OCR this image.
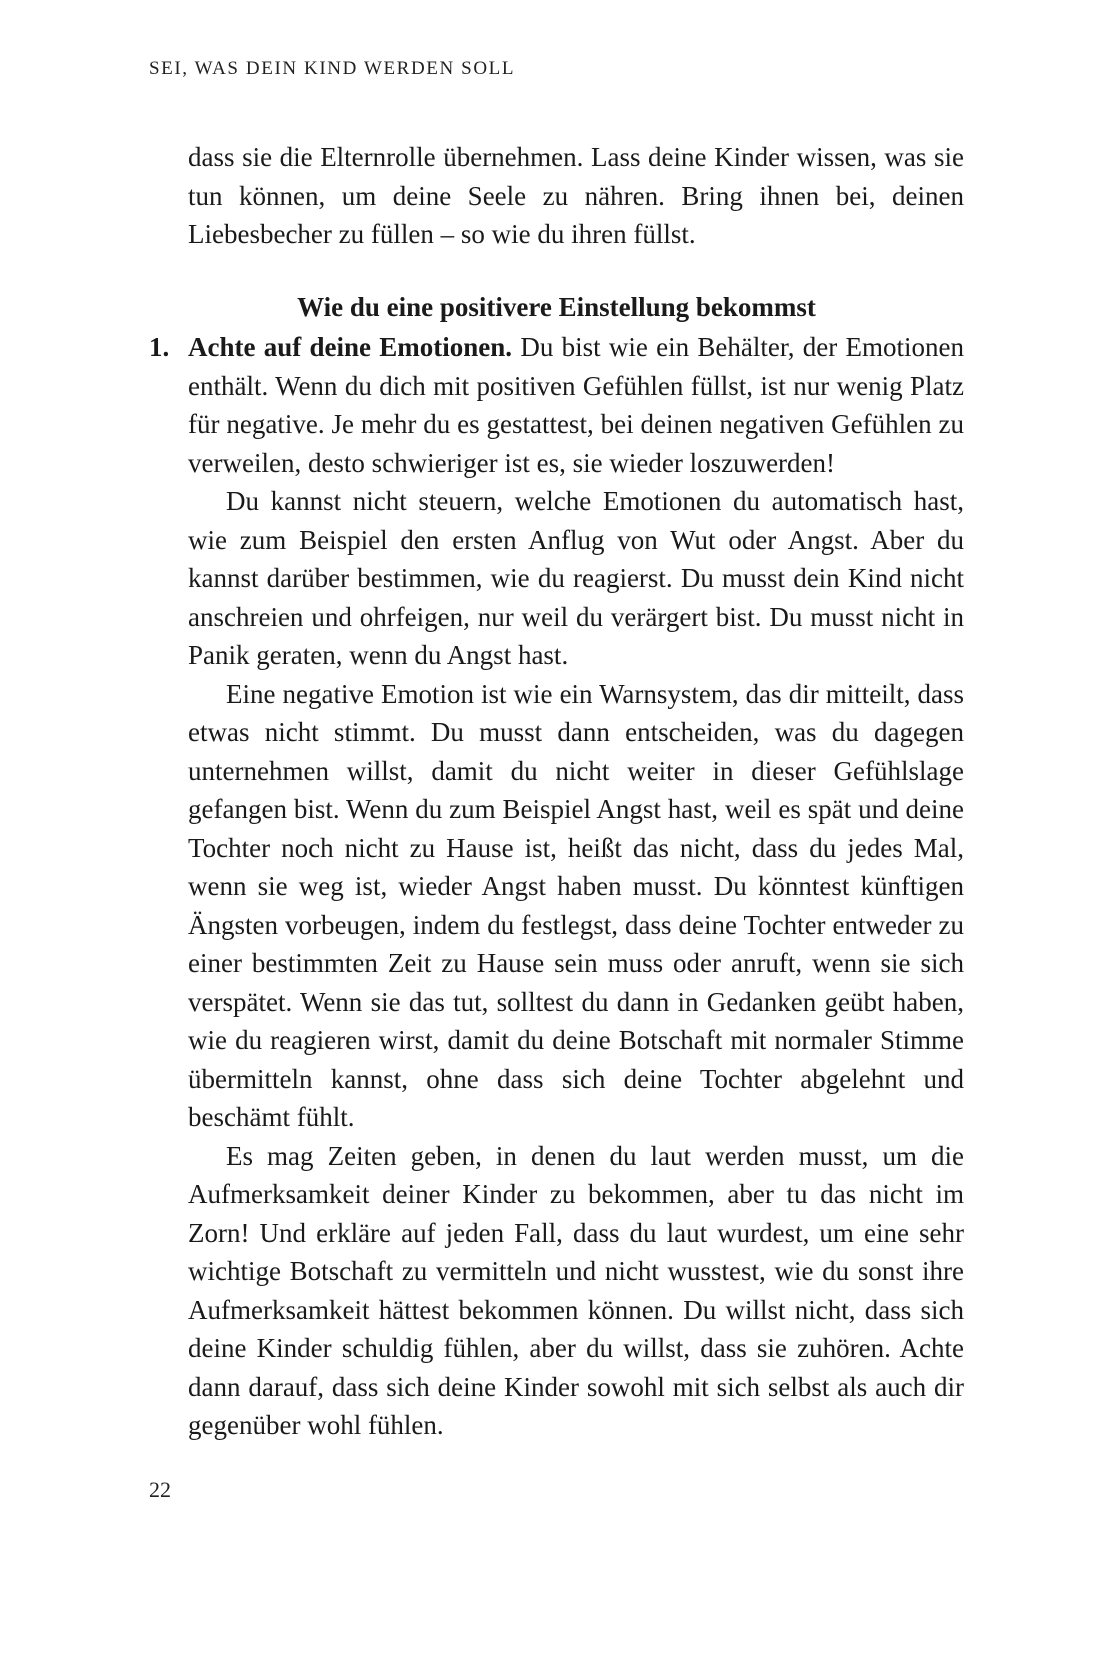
SEI, WAS DEIN KIND WERDEN SOLL

dass sie die Elternrolle übernehmen. Lass deine Kinder wissen, was sie tun können, um deine Seele zu nähren. Bring ihnen bei, deinen Liebesbecher zu füllen – so wie du ihren füllst.

Wie du eine positivere Einstellung bekommst
1. Achte auf deine Emotionen. Du bist wie ein Behälter, der Emotionen enthält. Wenn du dich mit positiven Gefühlen füllst, ist nur wenig Platz für negative. Je mehr du es gestattest, bei deinen negativen Gefühlen zu verweilen, desto schwieriger ist es, sie wieder loszuwerden!

Du kannst nicht steuern, welche Emotionen du automatisch hast, wie zum Beispiel den ersten Anflug von Wut oder Angst. Aber du kannst darüber bestimmen, wie du reagierst. Du musst dein Kind nicht anschreien und ohrfeigen, nur weil du verärgert bist. Du musst nicht in Panik geraten, wenn du Angst hast.

Eine negative Emotion ist wie ein Warnsystem, das dir mitteilt, dass etwas nicht stimmt. Du musst dann entscheiden, was du dagegen unternehmen willst, damit du nicht weiter in dieser Gefühlslage gefangen bist. Wenn du zum Beispiel Angst hast, weil es spät und deine Tochter noch nicht zu Hause ist, heißt das nicht, dass du jedes Mal, wenn sie weg ist, wieder Angst haben musst. Du könntest künftigen Ängsten vorbeugen, indem du festlegst, dass deine Tochter entweder zu einer bestimmten Zeit zu Hause sein muss oder anruft, wenn sie sich verspätet. Wenn sie das tut, solltest du dann in Gedanken geübt haben, wie du reagieren wirst, damit du deine Botschaft mit normaler Stimme übermitteln kannst, ohne dass sich deine Tochter abgelehnt und beschämt fühlt.

Es mag Zeiten geben, in denen du laut werden musst, um die Aufmerksamkeit deiner Kinder zu bekommen, aber tu das nicht im Zorn! Und erkläre auf jeden Fall, dass du laut wurdest, um eine sehr wichtige Botschaft zu vermitteln und nicht wusstest, wie du sonst ihre Aufmerksamkeit hättest bekommen können. Du willst nicht, dass sich deine Kinder schuldig fühlen, aber du willst, dass sie zuhören. Achte dann darauf, dass sich deine Kinder sowohl mit sich selbst als auch dir gegenüber wohl fühlen.

22
